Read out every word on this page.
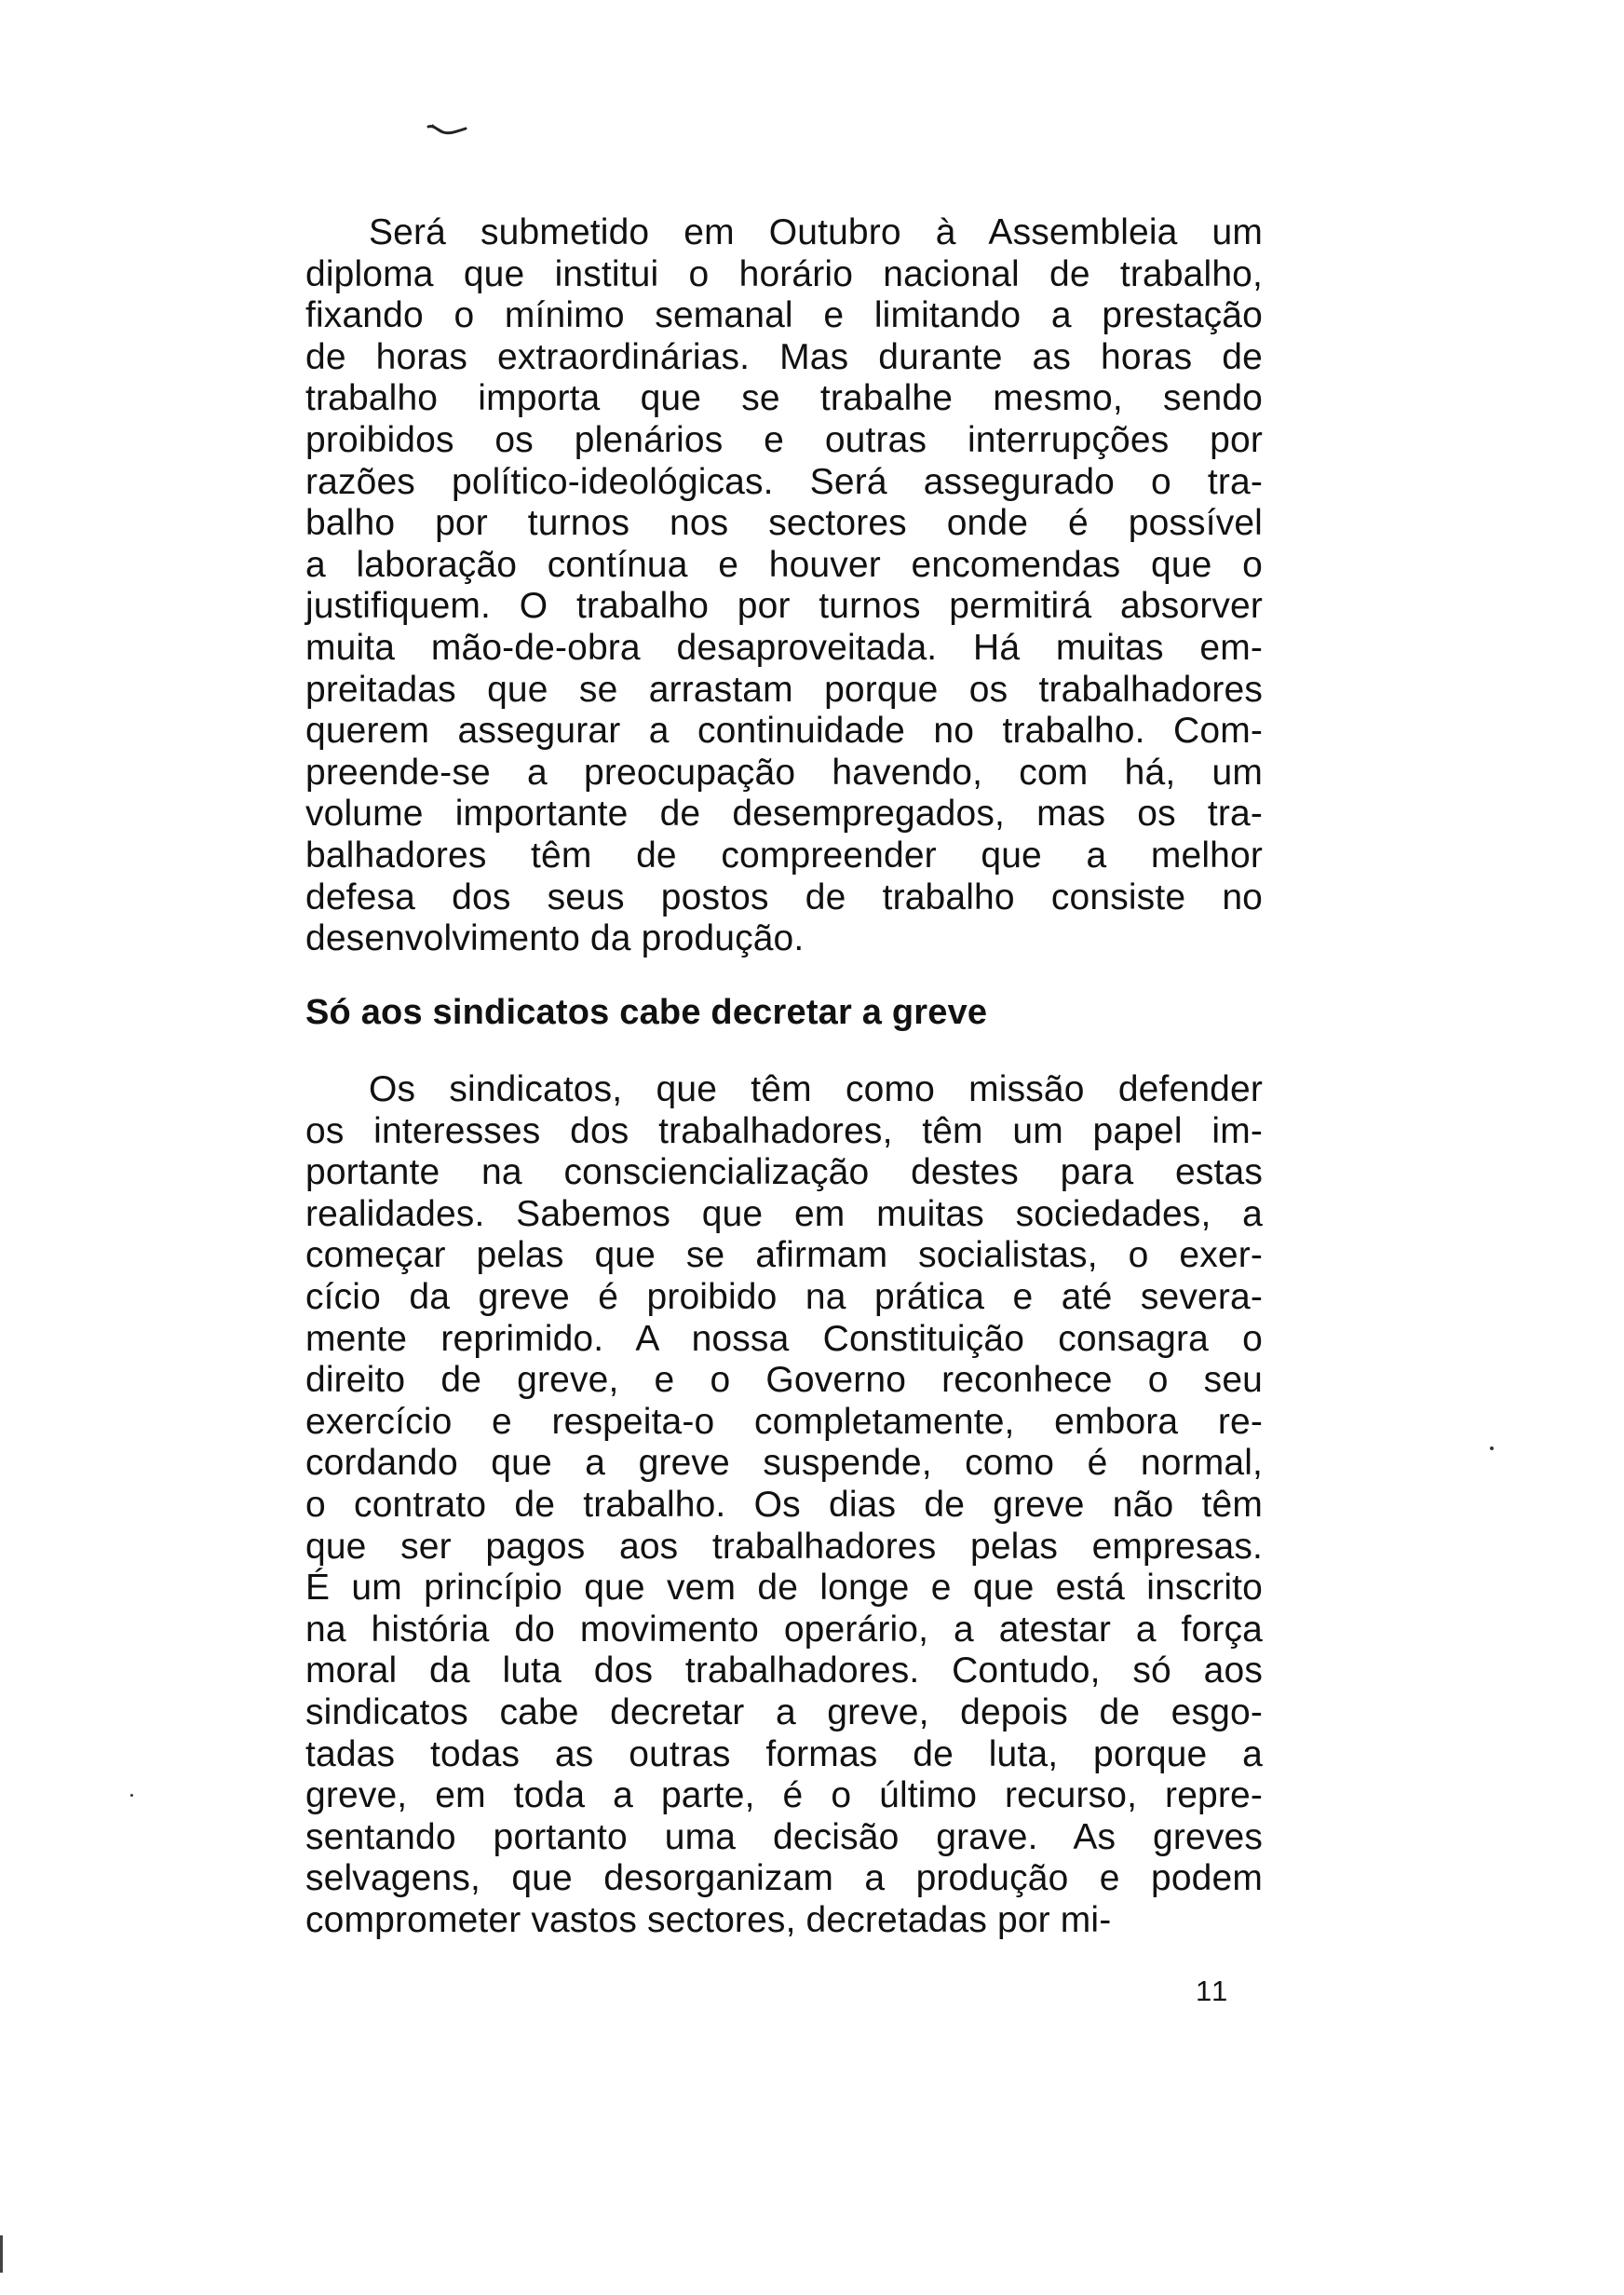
Será submetido em Outubro à Assembleia um
diploma que institui o horário nacional de trabalho,
fixando o mínimo semanal e limitando a prestação
de horas extraordinárias. Mas durante as horas de
trabalho importa que se trabalhe mesmo, sendo
proibidos os plenários e outras interrupções por
razões político-ideológicas. Será assegurado o tra-
balho por turnos nos sectores onde é possível
a laboração contínua e houver encomendas que o
justifiquem. O trabalho por turnos permitirá absorver
muita mão-de-obra desaproveitada. Há muitas em-
preitadas que se arrastam porque os trabalhadores
querem assegurar a continuidade no trabalho. Com-
preende-se a preocupação havendo, com há, um
volume importante de desempregados, mas os tra-
balhadores têm de compreender que a melhor
defesa dos seus postos de trabalho consiste no
desenvolvimento da produção.
Só aos sindicatos cabe decretar a greve
Os sindicatos, que têm como missão defender
os interesses dos trabalhadores, têm um papel im-
portante na consciencialização destes para estas
realidades. Sabemos que em muitas sociedades, a
começar pelas que se afirmam socialistas, o exer-
cício da greve é proibido na prática e até severa-
mente reprimido. A nossa Constituição consagra o
direito de greve, e o Governo reconhece o seu
exercício e respeita-o completamente, embora re-
cordando que a greve suspende, como é normal,
o contrato de trabalho. Os dias de greve não têm
que ser pagos aos trabalhadores pelas empresas.
É um princípio que vem de longe e que está inscrito
na história do movimento operário, a atestar a força
moral da luta dos trabalhadores. Contudo, só aos
sindicatos cabe decretar a greve, depois de esgo-
tadas todas as outras formas de luta, porque a
greve, em toda a parte, é o último recurso, repre-
sentando portanto uma decisão grave. As greves
selvagens, que desorganizam a produção e podem
comprometer vastos sectores, decretadas por mi-
11
